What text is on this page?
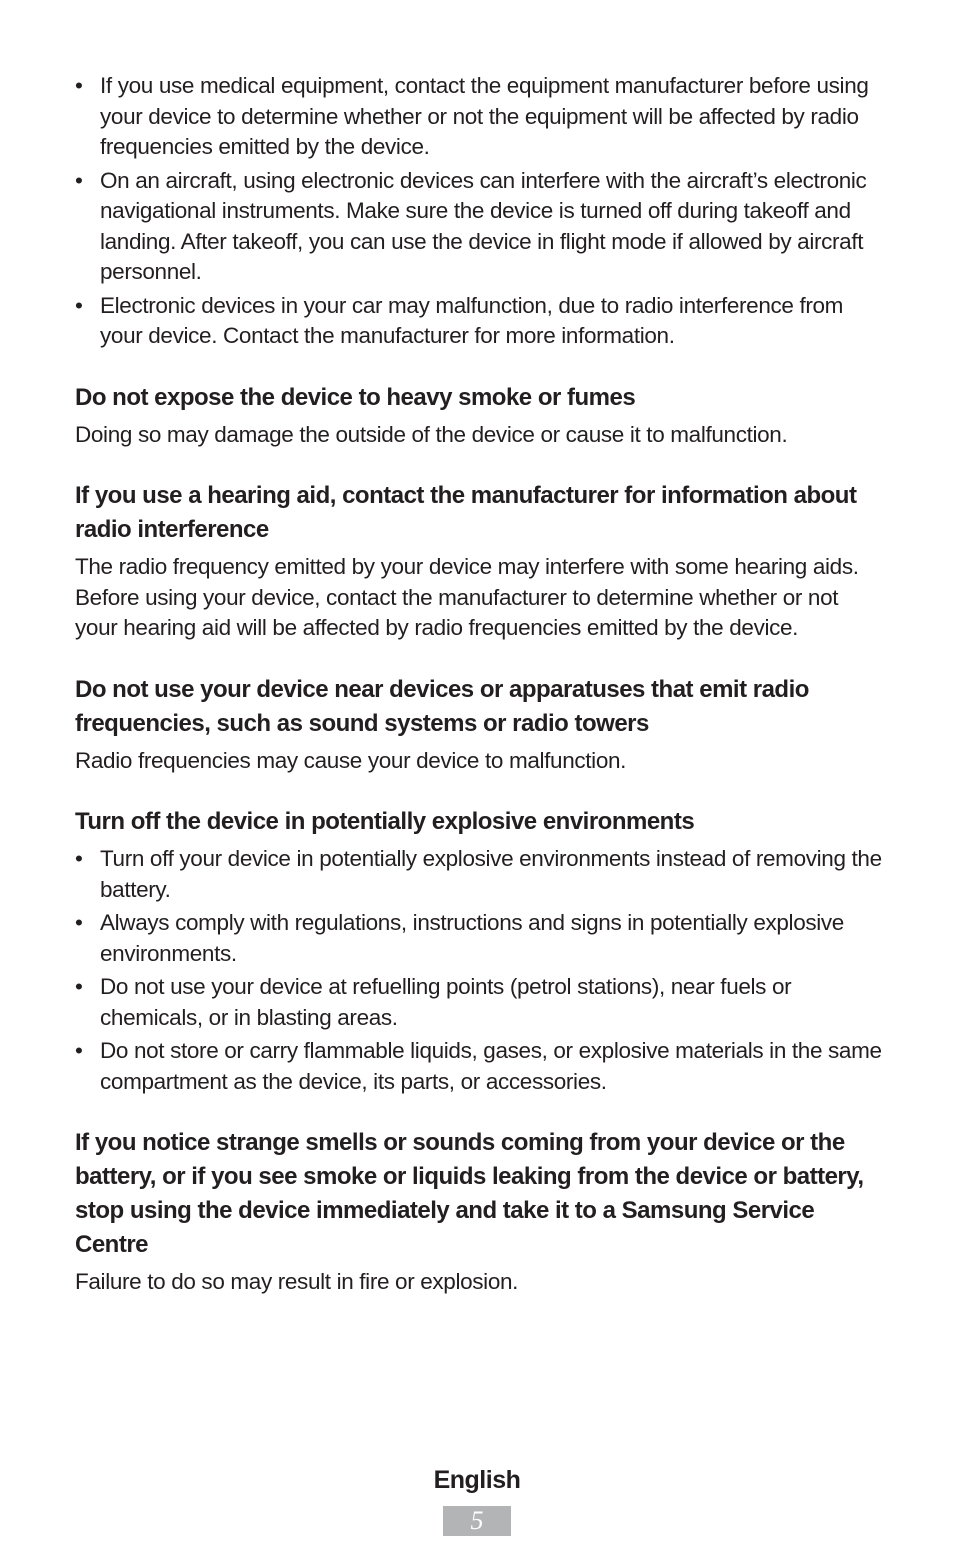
• If you use medical equipment, contact the equipment manufacturer before using your device to determine whether or not the equipment will be affected by radio frequencies emitted by the device.
• On an aircraft, using electronic devices can interfere with the aircraft’s electronic navigational instruments. Make sure the device is turned off during takeoff and landing. After takeoff, you can use the device in flight mode if allowed by aircraft personnel.
• Electronic devices in your car may malfunction, due to radio interference from your device. Contact the manufacturer for more information.
Do not expose the device to heavy smoke or fumes

Doing so may damage the outside of the device or cause it to malfunction.

If you use a hearing aid, contact the manufacturer for information about radio interference

The radio frequency emitted by your device may interfere with some hearing aids. Before using your device, contact the manufacturer to determine whether or not your hearing aid will be affected by radio frequencies emitted by the device.

Do not use your device near devices or apparatuses that emit radio frequencies, such as sound systems or radio towers

Radio frequencies may cause your device to malfunction.

Turn off the device in potentially explosive environments
• Turn off your device in potentially explosive environments instead of removing the battery.
• Always comply with regulations, instructions and signs in potentially explosive environments.
• Do not use your device at refuelling points (petrol stations), near fuels or chemicals, or in blasting areas.
• Do not store or carry flammable liquids, gases, or explosive materials in the same compartment as the device, its parts, or accessories.
If you notice strange smells or sounds coming from your device or the battery, or if you see smoke or liquids leaking from the device or battery, stop using the device immediately and take it to a Samsung Service Centre

Failure to do so may result in fire or explosion.

English
5
